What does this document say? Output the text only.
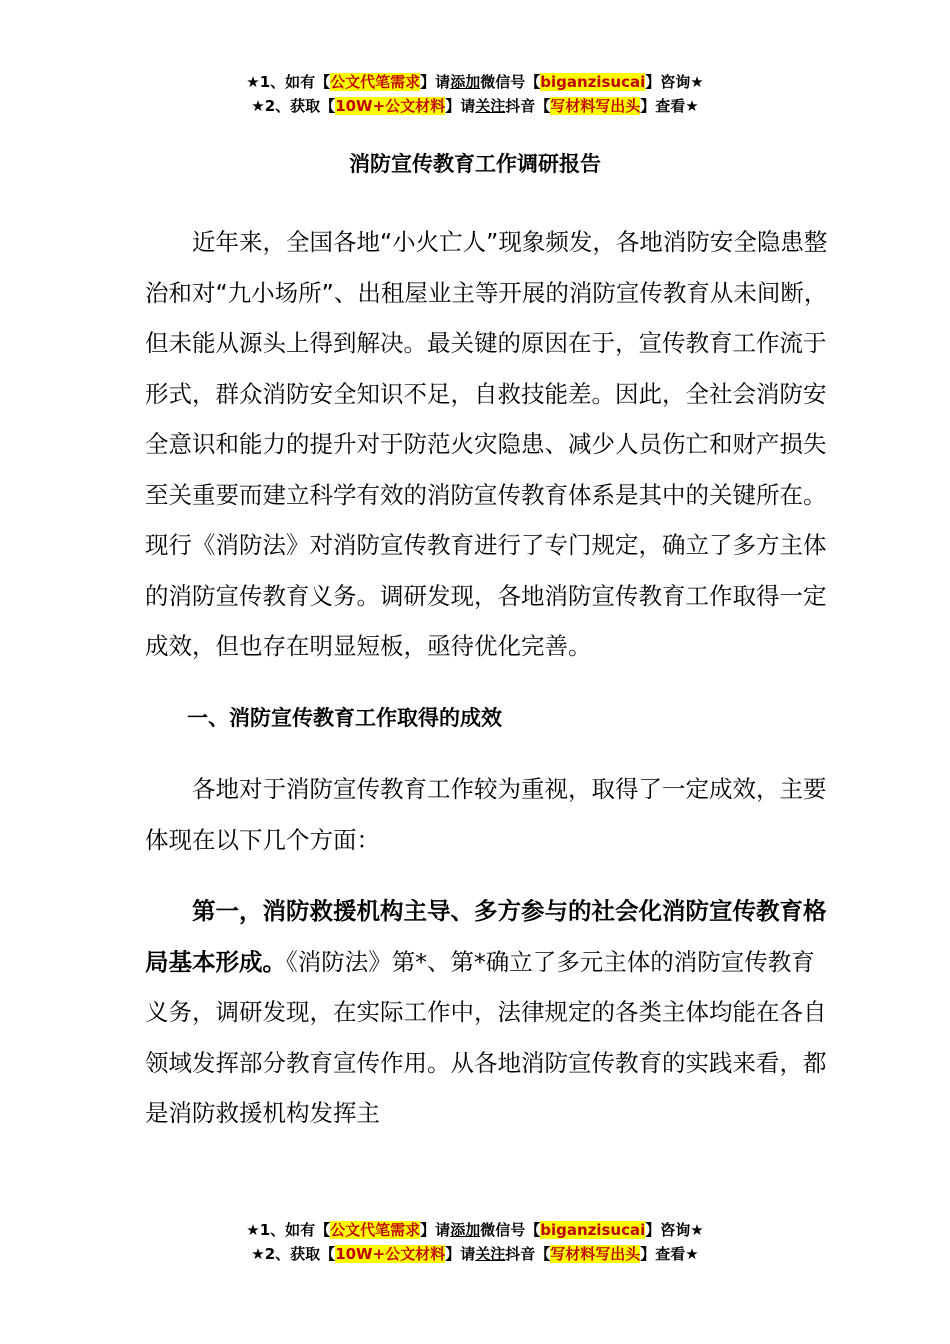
★1、如有【公文代笔需求】请添加微信号【biganzisucai】咨询★
★2、获取【10W+公文材料】请关注抖音【写材料写出头】查看★
消防宣传教育工作调研报告

近年来，全国各地“小火亡人”现象频发，各地消防安全隐患整治和对“九小场所”、出租屋业主等开展的消防宣传教育从未间断，但未能从源头上得到解决。最关键的原因在于，宣传教育工作流于形式，群众消防安全知识不足，自救技能差。因此，全社会消防安全意识和能力的提升对于防范火灾隐患、减少人员伤亡和财产损失至关重要而建立科学有效的消防宣传教育体系是其中的关键所在。现行《消防法》对消防宣传教育进行了专门规定，确立了多方主体的消防宣传教育义务。调研发现，各地消防宣传教育工作取得一定成效，但也存在明显短板，亟待优化完善。

一、消防宣传教育工作取得的成效

各地对于消防宣传教育工作较为重视，取得了一定成效，主要体现在以下几个方面：

第一，消防救援机构主导、多方参与的社会化消防宣传教育格局基本形成。《消防法》第*、第*确立了多元主体的消防宣传教育义务，调研发现，在实际工作中，法律规定的各类主体均能在各自领域发挥部分教育宣传作用。从各地消防宣传教育的实践来看，都是消防救援机构发挥主

★1、如有【公文代笔需求】请添加微信号【biganzisucai】咨询★
★2、获取【10W+公文材料】请关注抖音【写材料写出头】查看★
